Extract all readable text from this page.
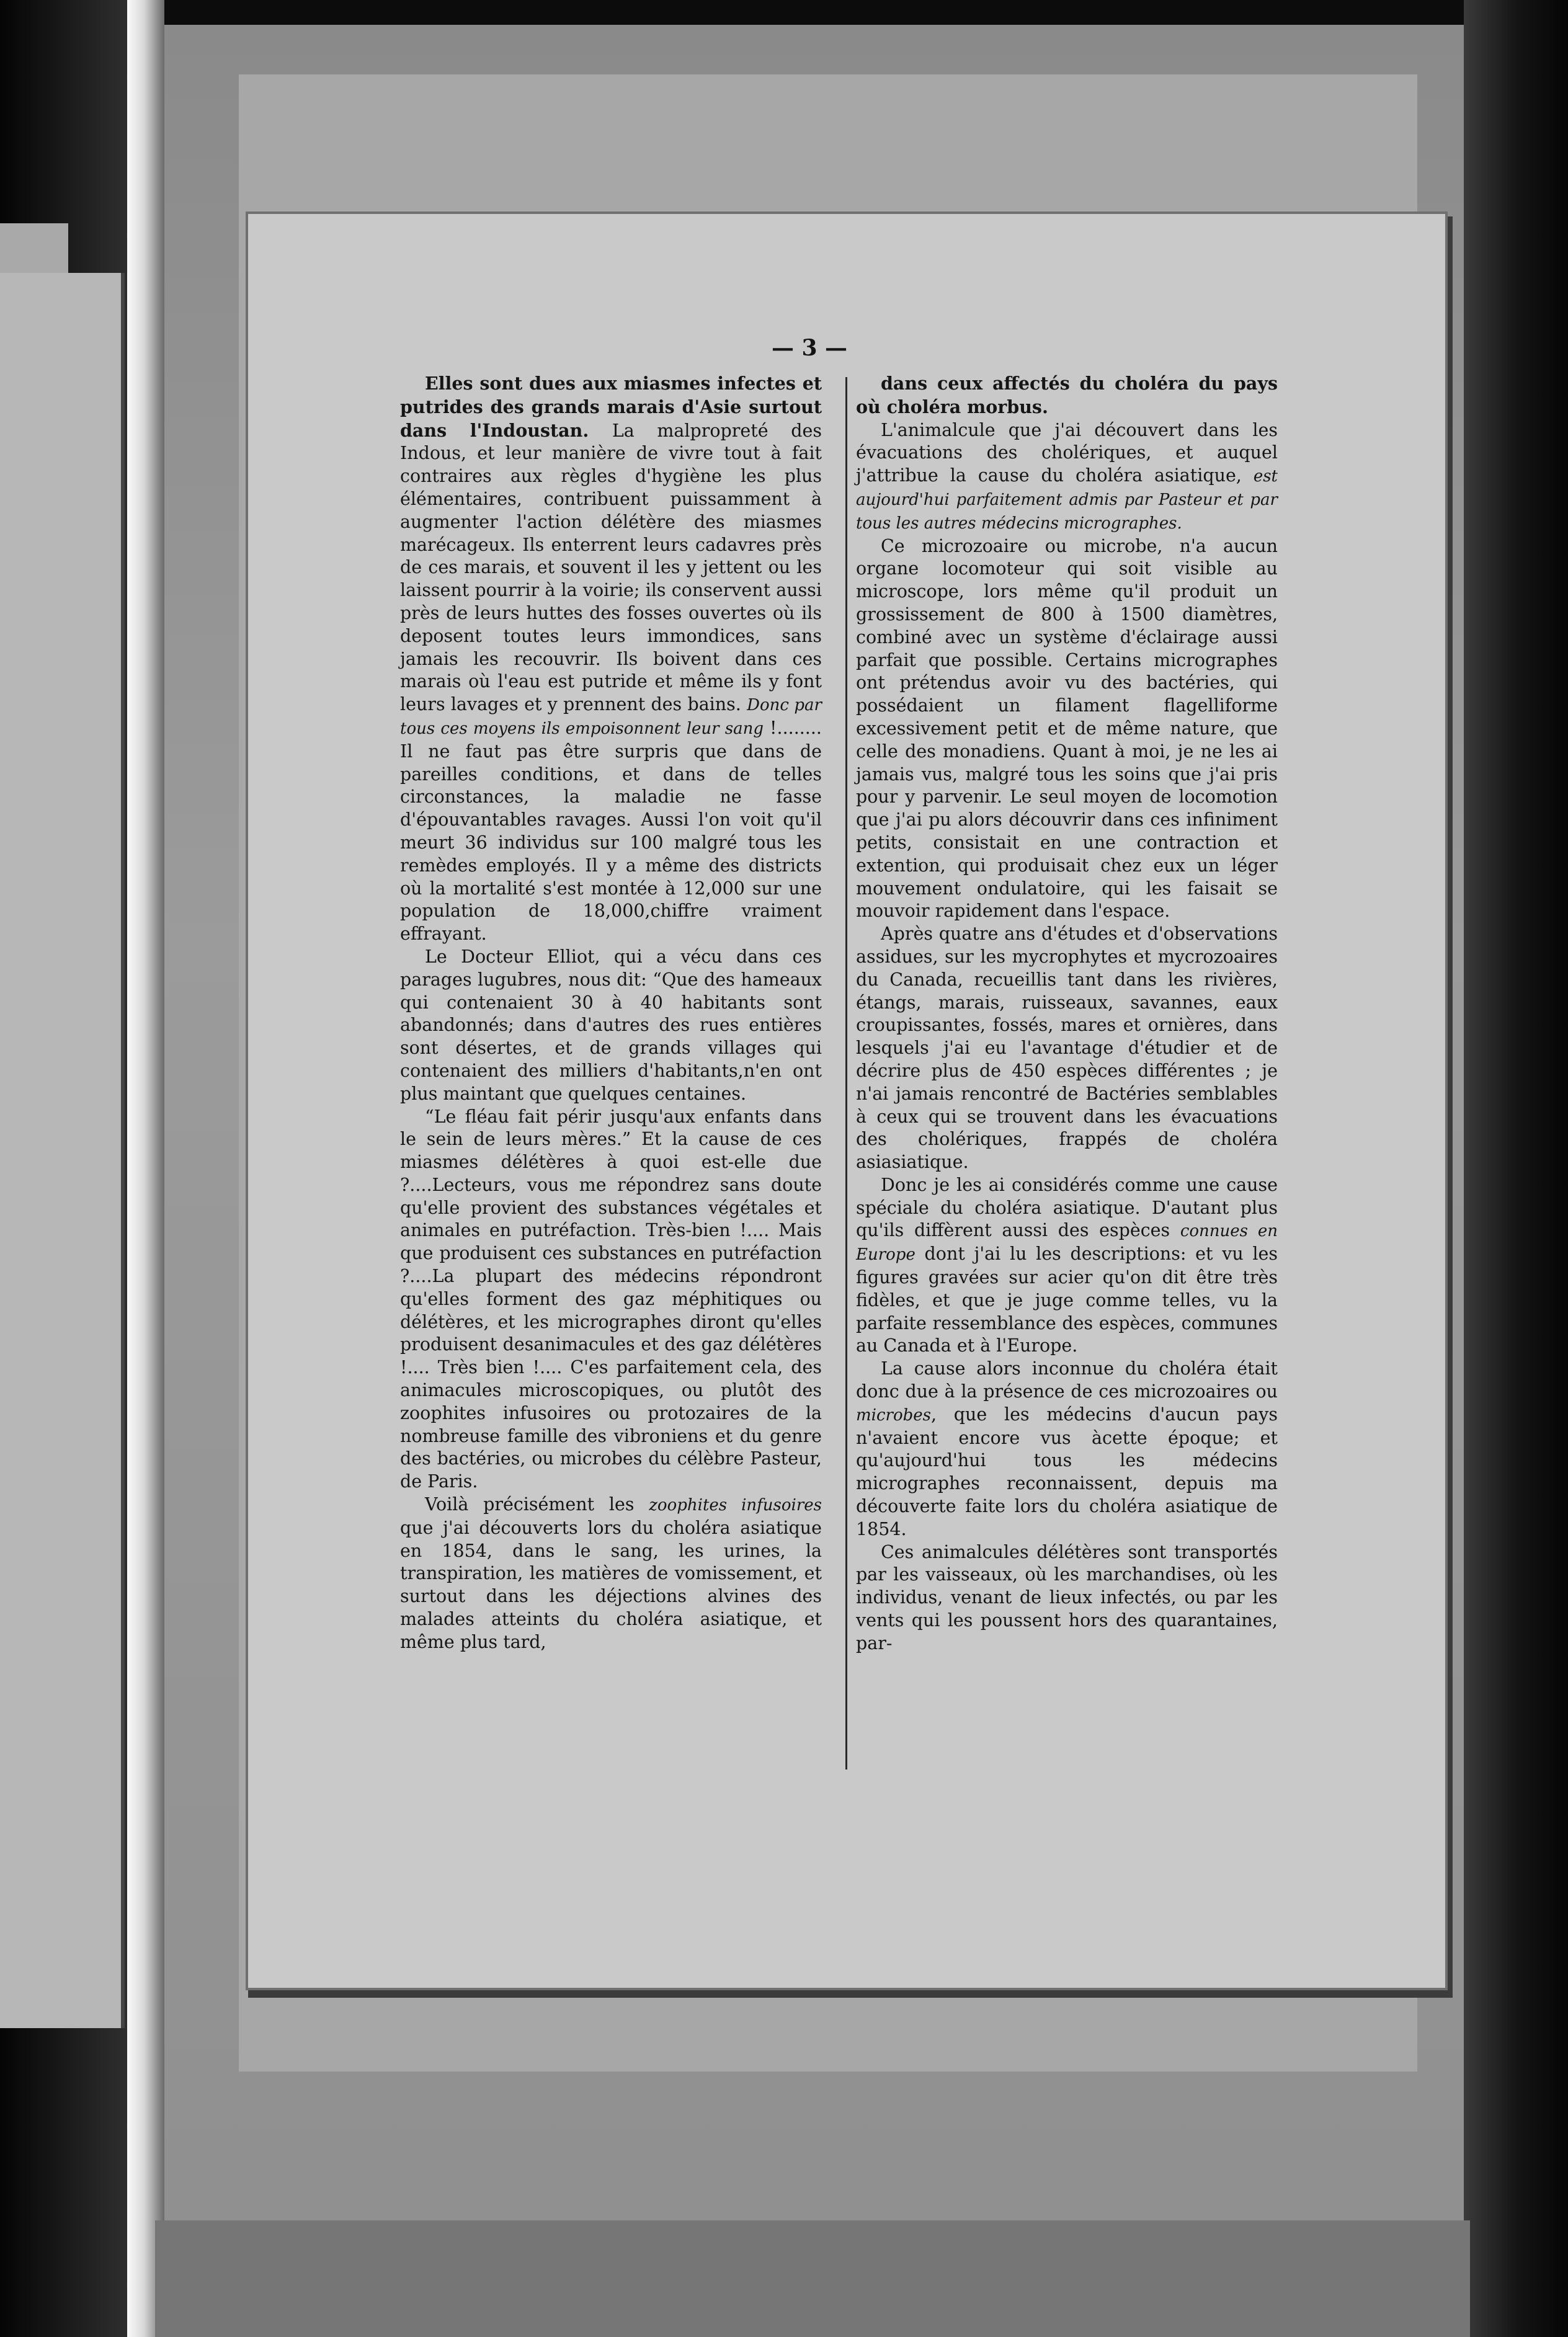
— 3 —

Elles sont dues aux miasmes infectes et putrides des grands marais d'Asie surtout dans l'Indoustan. La malpropreté des Indous, et leur manière de vivre tout à fait contraires aux règles d'hygiène les plus élémentaires, contribuent puissamment à augmenter l'action délétère des miasmes marécageux. Ils enterrent leurs cadavres près de ces marais, et souvent il les y jettent ou les laissent pourrir à la voirie; ils conservent aussi près de leurs huttes des fosses ouvertes où ils deposent toutes leurs immondices, sans jamais les recouvrir. Ils boivent dans ces marais où l'eau est putride et même ils y font leurs lavages et y prennent des bains. Donc par tous ces moyens ils empoisonnent leur sang !........ Il ne faut pas être surpris que dans de pareilles conditions, et dans de telles circonstances, la maladie ne fasse d'épouvantables ravages. Aussi l'on voit qu'il meurt 36 individus sur 100 malgré tous les remèdes employés. Il y a même des districts où la mortalité s'est montée à 12,000 sur une population de 18,000,chiffre vraiment effrayant.

Le Docteur Elliot, qui a vécu dans ces parages lugubres, nous dit: “Que des hameaux qui contenaient 30 à 40 habitants sont abandonnés; dans d'autres des rues entières sont désertes, et de grands villages qui contenaient des milliers d'habitants,n'en ont plus maintant que quelques centaines.

“Le fléau fait périr jusqu'aux enfants dans le sein de leurs mères.” Et la cause de ces miasmes délétères à quoi est-elle due ?....Lecteurs, vous me répondrez sans doute qu'elle provient des substances végétales et animales en putréfaction. Très-bien !.... Mais que produisent ces substances en putréfaction ?....La plupart des médecins répondront qu'elles forment des gaz méphitiques ou délétères, et les micrographes diront qu'elles produisent desanimacules et des gaz délétères !.... Très bien !.... C'es parfaitement cela, des animacules microscopiques, ou plutôt des zoophites infusoires ou protozaires de la nombreuse famille des vibroniens et du genre des bactéries, ou microbes du célèbre Pasteur, de Paris.

Voilà précisément les zoophites infusoires que j'ai découverts lors du choléra asiatique en 1854, dans le sang, les urines, la transpiration, les matières de vomissement, et surtout dans les déjections alvines des malades atteints du choléra asiatique, et même plus tard,

dans ceux affectés du choléra du pays où choléra morbus.

L'animalcule que j'ai découvert dans les évacuations des cholériques, et auquel j'attribue la cause du choléra asiatique, est aujourd'hui parfaitement admis par Pasteur et par tous les autres médecins micrographes.

Ce microzoaire ou microbe, n'a aucun organe locomoteur qui soit visible au microscope, lors même qu'il produit un grossissement de 800 à 1500 diamètres, combiné avec un système d'éclairage aussi parfait que possible. Certains micrographes ont prétendus avoir vu des bactéries, qui possédaient un filament flagelliforme excessivement petit et de même nature, que celle des monadiens. Quant à moi, je ne les ai jamais vus, malgré tous les soins que j'ai pris pour y parvenir. Le seul moyen de locomotion que j'ai pu alors découvrir dans ces infiniment petits, consistait en une contraction et extention, qui produisait chez eux un léger mouvement ondulatoire, qui les faisait se mouvoir rapidement dans l'espace.

Après quatre ans d'études et d'observations assidues, sur les mycrophytes et mycrozoaires du Canada, recueillis tant dans les rivières, étangs, marais, ruisseaux, savannes, eaux croupissantes, fossés, mares et ornières, dans lesquels j'ai eu l'avantage d'étudier et de décrire plus de 450 espèces différentes ; je n'ai jamais rencontré de Bactéries semblables à ceux qui se trouvent dans les évacuations des cholériques, frappés de choléra asiasiatique.

Donc je les ai considérés comme une cause spéciale du choléra asiatique. D'autant plus qu'ils diffèrent aussi des espèces connues en Europe dont j'ai lu les descriptions: et vu les figures gravées sur acier qu'on dit être très fidèles, et que je juge comme telles, vu la parfaite ressemblance des espèces, communes au Canada et à l'Europe.

La cause alors inconnue du choléra était donc due à la présence de ces microzoaires ou microbes, que les médecins d'aucun pays n'avaient encore vus àcette époque; et qu'aujourd'hui tous les médecins micrographes reconnaissent, depuis ma découverte faite lors du choléra asiatique de 1854.

Ces animalcules délétères sont transportés par les vaisseaux, où les marchandises, où les individus, venant de lieux infectés, ou par les vents qui les poussent hors des quarantaines, par-
